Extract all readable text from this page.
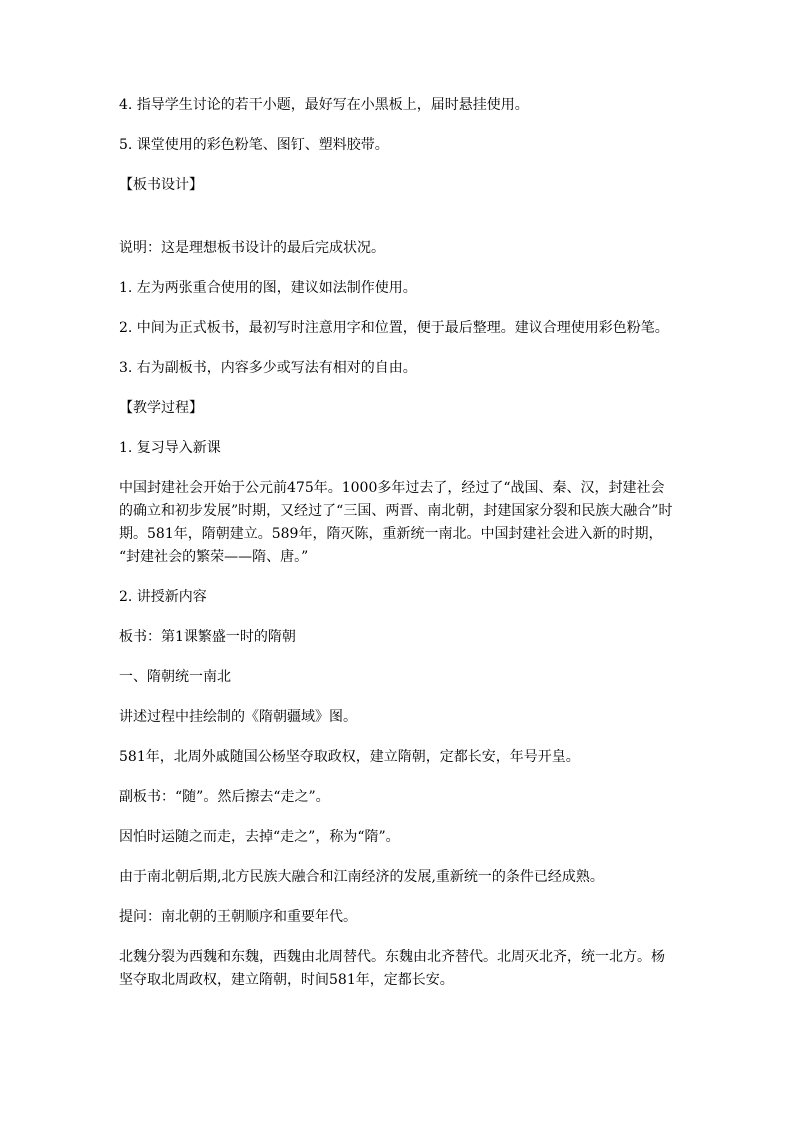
4. 指导学生讨论的若干小题，最好写在小黑板上，届时悬挂使用。

5. 课堂使用的彩色粉笔、图钉、塑料胶带。

【板书设计】

说明：这是理想板书设计的最后完成状况。

1. 左为两张重合使用的图，建议如法制作使用。

2. 中间为正式板书，最初写时注意用字和位置，便于最后整理。建议合理使用彩色粉笔。

3. 右为副板书，内容多少或写法有相对的自由。

【教学过程】

1. 复习导入新课

中国封建社会开始于公元前475年。1000多年过去了，经过了“战国、秦、汉，封建社会的确立和初步发展”时期，又经过了“三国、两晋、南北朝，封建国家分裂和民族大融合”时期。581年，隋朝建立。589年，隋灭陈，重新统一南北。中国封建社会进入新的时期， “封建社会的繁荣——隋、唐。”

2. 讲授新内容

板书：第1课繁盛一时的隋朝

一、隋朝统一南北

讲述过程中挂绘制的《隋朝疆域》图。

581年，北周外戚随国公杨坚夺取政权，建立隋朝，定都长安，年号开皇。

副板书：“随”。然后擦去“走之”。

因怕时运随之而走，去掉“走之”，称为“隋”。

由于南北朝后期,北方民族大融合和江南经济的发展,重新统一的条件已经成熟。

提问：南北朝的王朝顺序和重要年代。

北魏分裂为西魏和东魏，西魏由北周替代。东魏由北齐替代。北周灭北齐，统一北方。杨坚夺取北周政权，建立隋朝，时间581年，定都长安。
